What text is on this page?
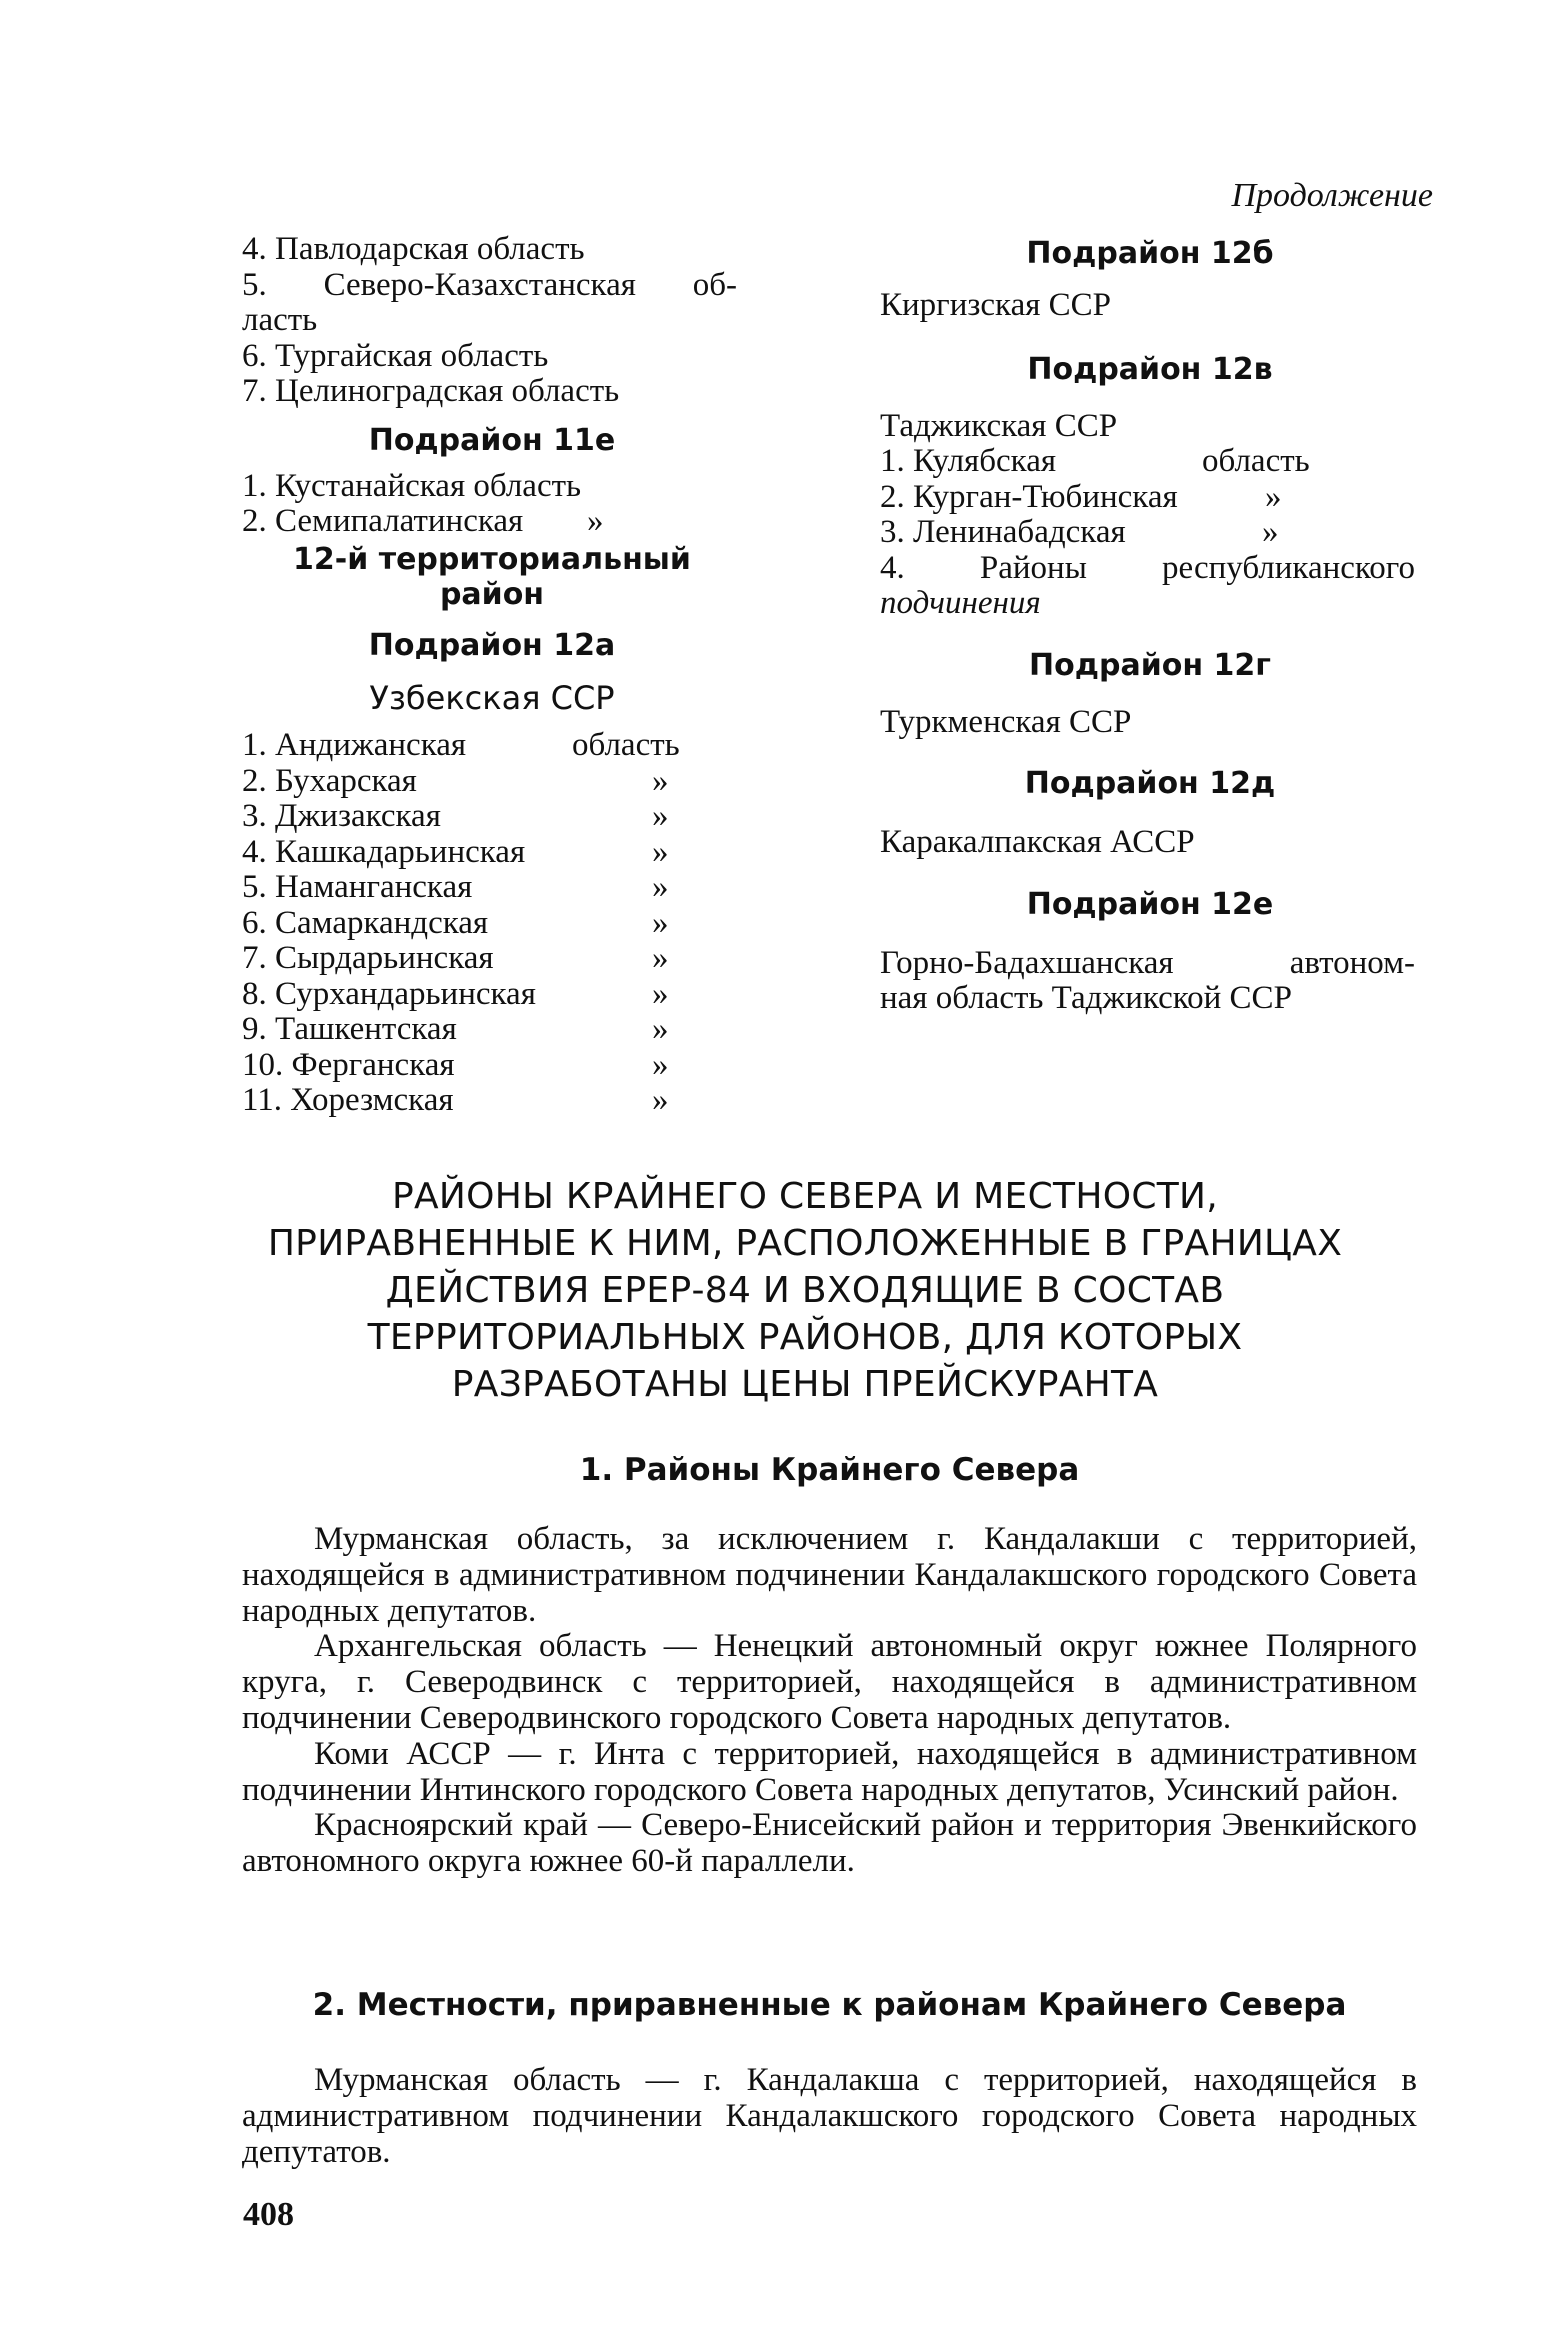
Продолжение
4. Павлодарская область
5. Северо-Казахстанская об-
ласть
6. Тургайская область
7. Целиноградская область
Подрайон 11е
1. Кустанайская область
2. Семипалатинская »
12-й территориальный район
Подрайон 12а
Узбекская ССР
1. Андижанская	область
2. Бухарская	»
3. Джизакская	»
4. Кашкадарьинская	»
5. Наманганская	»
6. Самаркандская	»
7. Сырдарьинская	»
8. Сурхандарьинская	»
9. Ташкентская	»
10. Ферганская	»
11. Хорезмская	»
Подрайон 12б
Киргизская ССР
Подрайон 12в
Таджикская ССР
1. Кулябская	область
2. Курган-Тюбинская	»
3. Ленинабадская	»
4. Районы республиканского
подчинения
Подрайон 12г
Туркменская ССР
Подрайон 12д
Каракалпакская АССР
Подрайон 12е
Горно-Бадахшанская автоном-
ная область Таджикской ССР
РАЙОНЫ КРАЙНЕГО СЕВЕРА И МЕСТНОСТИ,
ПРИРАВНЕННЫЕ К НИМ, РАСПОЛОЖЕННЫЕ В ГРАНИЦАХ
ДЕЙСТВИЯ ЕРЕР-84 И ВХОДЯЩИЕ В СОСТАВ
ТЕРРИТОРИАЛЬНЫХ РАЙОНОВ, ДЛЯ КОТОРЫХ
РАЗРАБОТАНЫ ЦЕНЫ ПРЕЙСКУРАНТА
1. Районы Крайнего Севера

Мурманская область, за исключением г. Кандалакши с территорией, находящейся в административном подчинении Кандалакшского городского Совета народных депутатов.

Архангельская область — Ненецкий автономный округ южнее Полярного круга, г. Северодвинск с территорией, находящейся в административном подчинении Северодвинского городского Совета народных депутатов.

Коми АССР — г. Инта с территорией, находящейся в административном подчинении Интинского городского Совета народных депутатов, Усинский район.

Красноярский край — Северо-Енисейский район и территория Эвенкийского автономного округа южнее 60-й параллели.

2. Местности, приравненные к районам Крайнего Севера

Мурманская область — г. Кандалакша с территорией, находящейся в административном подчинении Кандалакшского городского Совета народных депутатов.

408
